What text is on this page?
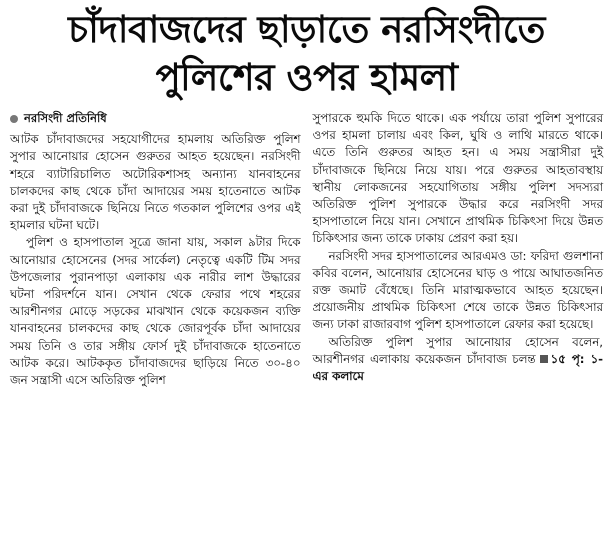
চাঁদাবাজদের ছাড়াতে নরসিংদীতে
পুলিশের ওপর হামলা
নরসিংদী প্রতিনিধি

আটক চাঁদাবাজদের সহযোগীদের হামলায় অতিরিক্ত পুলিশ সুপার আনোয়ার হোসেন গুরুতর আহত হয়েছেন। নরসিংদী শহরে ব্যাটারিচালিত অটোরিকশাসহ অন্যান্য যানবাহনের চালকদের কাছ থেকে চাঁদা আদায়ের সময় হাতেনাতে আটক করা দুই চাঁদাবাজকে ছিনিয়ে নিতে গতকাল পুলিশের ওপর এই হামলার ঘটনা ঘটে।

পুলিশ ও হাসপাতাল সূত্রে জানা যায়, সকাল ৯টার দিকে আনোয়ার হোসেনের (সদর সার্কেল) নেতৃত্বে একটি টিম সদর উপজেলার পুরানপাড়া এলাকায় এক নারীর লাশ উদ্ধারের ঘটনা পরিদর্শনে যান। সেখান থেকে ফেরার পথে শহরের আরশীনগর মোড়ে সড়কের মাঝখান থেকে কয়েকজন ব্যক্তি যানবাহনের চালকদের কাছ থেকে জোরপূর্বক চাঁদা আদায়ের সময় তিনি ও তার সঙ্গীয় ফোর্স দুই চাঁদাবাজকে হাতেনাতে আটক করে। আটককৃত চাঁদাবাজদের ছাড়িয়ে নিতে ৩০-৪০ জন সন্ত্রাসী এসে অতিরিক্ত পুলিশ

সুপারকে হুমকি দিতে থাকে। এক পর্যায়ে তারা পুলিশ সুপারের ওপর হামলা চালায় এবং কিল, ঘুষি ও লাথি মারতে থাকে। এতে তিনি গুরুতর আহত হন। এ সময় সন্ত্রাসীরা দুই চাঁদাবাজকে ছিনিয়ে নিয়ে যায়। পরে গুরুতর আহতাবস্থায় স্থানীয় লোকজনের সহযোগিতায় সঙ্গীয় পুলিশ সদস্যরা অতিরিক্ত পুলিশ সুপারকে উদ্ধার করে নরসিংদী সদর হাসপাতালে নিয়ে যান। সেখানে প্রাথমিক চিকিৎসা দিয়ে উন্নত চিকিৎসার জন্য তাকে ঢাকায় প্রেরণ করা হয়।

নরসিংদী সদর হাসপাতালের আরএমও ডা: ফরিদা গুলশানা কবির বলেন, আনোয়ার হোসেনের ঘাড় ও পায়ে আঘাতজনিত রক্ত জমাট বেঁধেছে। তিনি মারাত্মকভাবে আহত হয়েছেন। প্রয়োজনীয় প্রাথমিক চিকিৎসা শেষে তাকে উন্নত চিকিৎসার জন্য ঢাকা রাজারবাগ পুলিশ হাসপাতালে রেফার করা হয়েছে।

অতিরিক্ত পুলিশ সুপার আনোয়ার হোসেন বলেন, আরশীনগর এলাকায় কয়েকজন চাঁদাবাজ চলন্ত ১৫ পৃ: ১-এর কলামে
